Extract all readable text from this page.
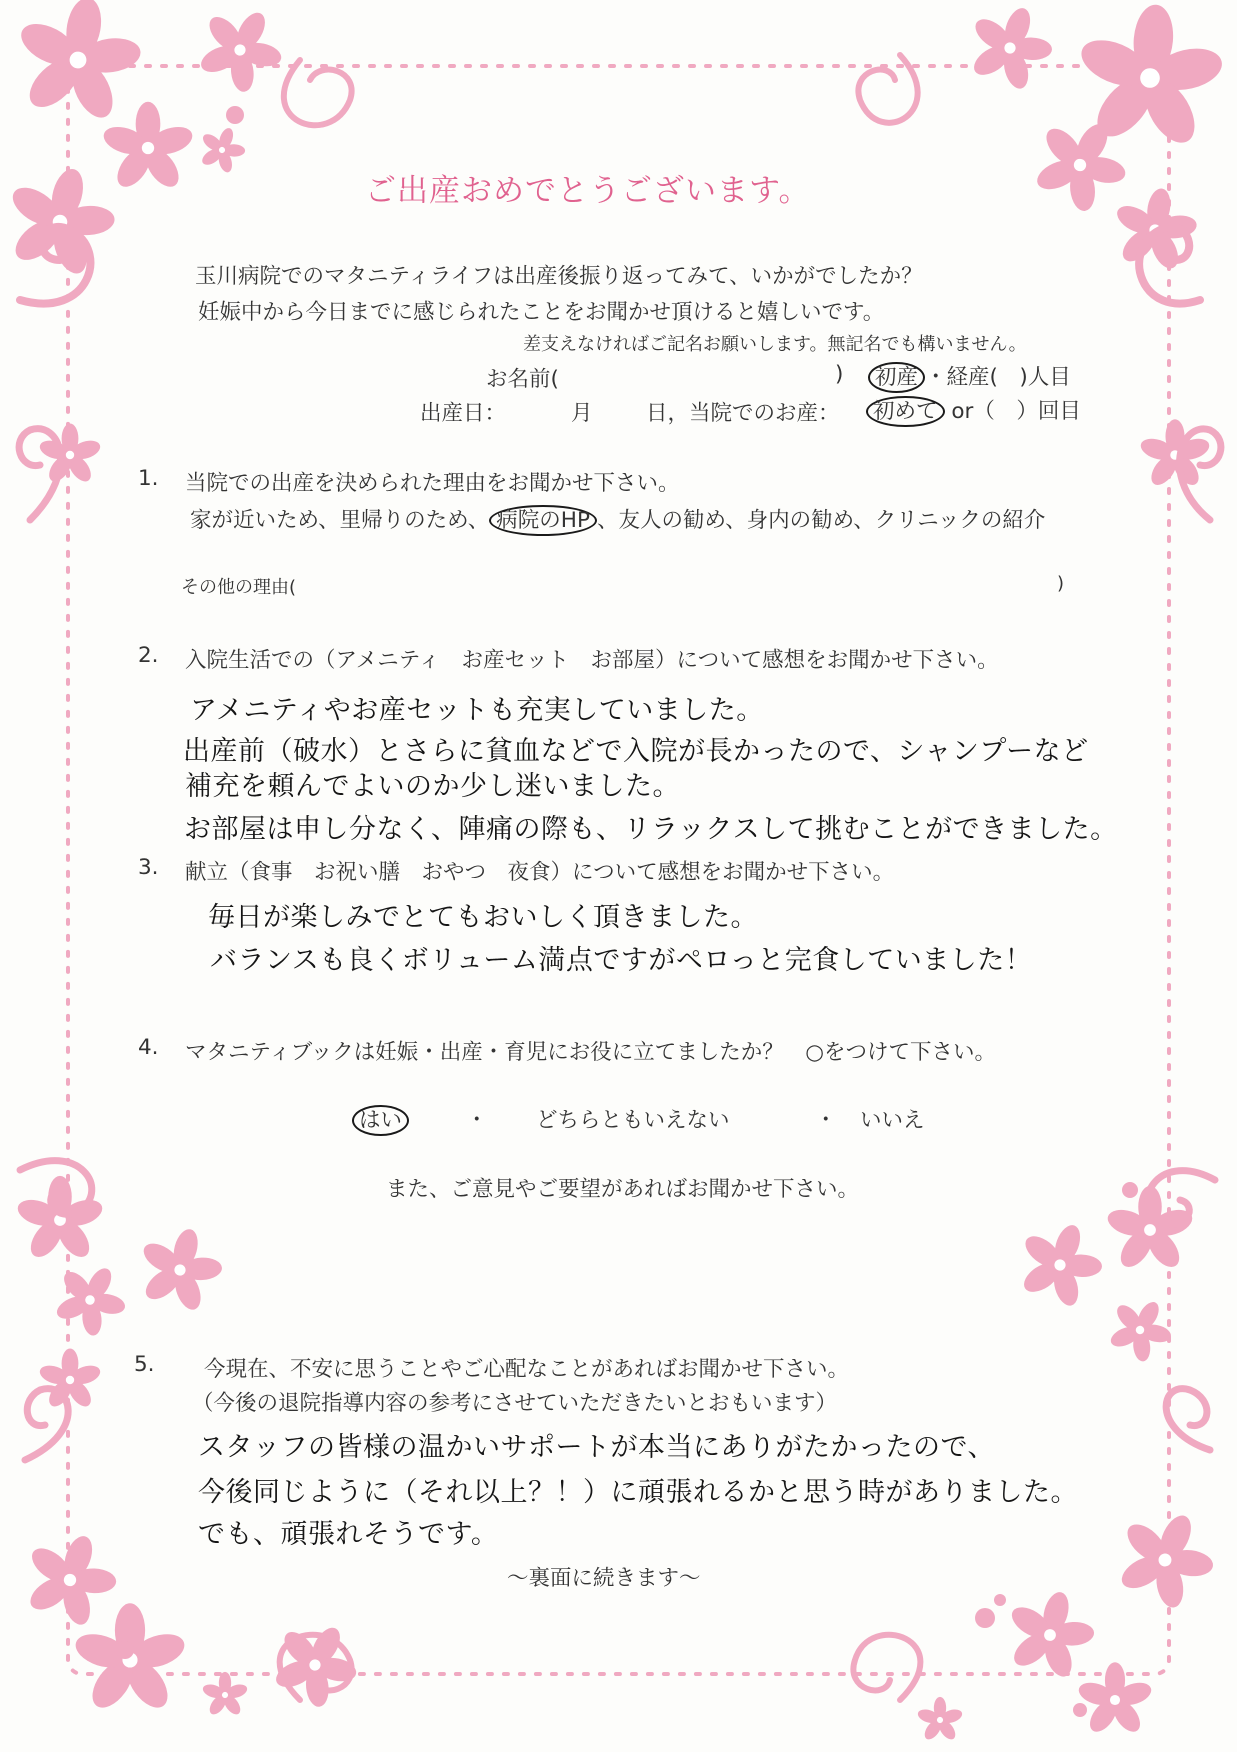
ご出産おめでとうございます。
玉川病院でのマタニティライフは出産後振り返ってみて、いかがでしたか？
妊娠中から今日までに感じられたことをお聞かせ頂けると嬉しいです。
差支えなければご記名お願いします。無記名でも構いません。
お名前(	)	初産 ・経産(　)人目
出産日：	月 日，当院でのお産：	初めて or（　）回目
1. 当院での出産を決められた理由をお聞かせ下さい。
家が近いため、里帰りのため、 病院のHP 、友人の勧め、身内の勧め、クリニックの紹介
その他の理由(	)
2. 入院生活での（アメニティ　お産セット　お部屋）について感想をお聞かせ下さい。
アメニティやお産セットも充実していました。
出産前（破水）とさらに貧血などで入院が長かったので、シャンプーなど
補充を頼んでよいのか少し迷いました。
お部屋は申し分なく、陣痛の際も、リラックスして挑むことができました。
3. 献立（食事　お祝い膳　おやつ　夜食）について感想をお聞かせ下さい。
毎日が楽しみでとてもおいしく頂きました。
バランスも良くボリューム満点ですがペロっと完食していました！
4. マタニティブックは妊娠・出産・育児にお役に立てましたか？　○をつけて下さい。
はい	・ どちらともいえない	・ いいえ
また、ご意見やご要望があればお聞かせ下さい。
5. 今現在、不安に思うことやご心配なことがあればお聞かせ下さい。
（今後の退院指導内容の参考にさせていただきたいとおもいます）
スタッフの皆様の温かいサポートが本当にありがたかったので、
今後同じように（それ以上？！）に頑張れるかと思う時がありました。
でも、頑張れそうです。
～裏面に続きます～
